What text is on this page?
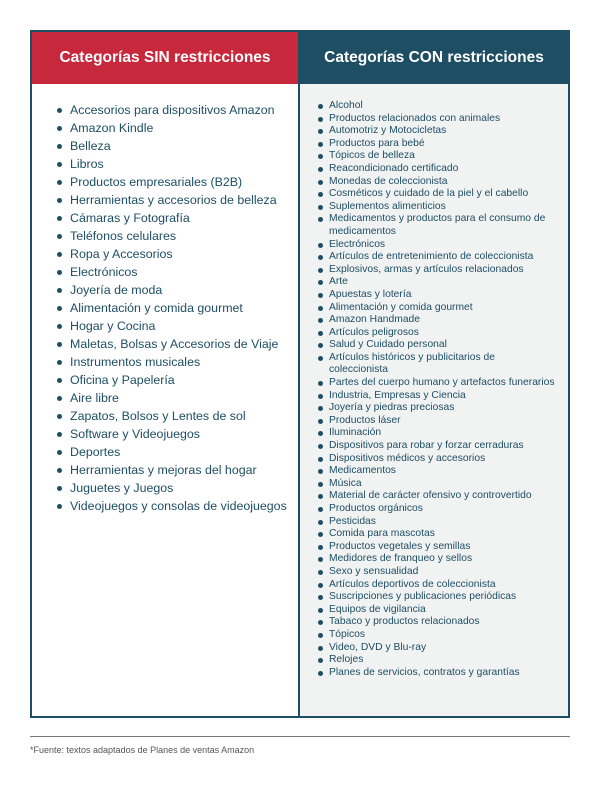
Categorías SIN restricciones
Accesorios para dispositivos Amazon
Amazon Kindle
Belleza
Libros
Productos empresariales (B2B)
Herramientas y accesorios de belleza
Cámaras y Fotografía
Teléfonos celulares
Ropa y Accesorios
Electrónicos
Joyería de moda
Alimentación y comida gourmet
Hogar y Cocina
Maletas, Bolsas y Accesorios de Viaje
Instrumentos musicales
Oficina y Papelería
Aire libre
Zapatos, Bolsos y Lentes de sol
Software y Videojuegos
Deportes
Herramientas y mejoras del hogar
Juguetes y Juegos
Videojuegos y consolas de videojuegos
Categorías CON restricciones
Alcohol
Productos relacionados con animales
Automotriz y Motocicletas
Productos para bebé
Tópicos de belleza
Reacondicionado certificado
Monedas de coleccionista
Cosméticos y cuidado de la piel y el cabello
Suplementos alimenticios
Medicamentos y productos para el consumo de medicamentos
Electrónicos
Artículos de entretenimiento de coleccionista
Explosivos, armas y artículos relacionados
Arte
Apuestas y lotería
Alimentación y comida gourmet
Amazon Handmade
Artículos peligrosos
Salud y Cuidado personal
Artículos históricos y publicitarios de coleccionista
Partes del cuerpo humano y artefactos funerarios
Industria, Empresas y Ciencia
Joyería y piedras preciosas
Productos láser
Iluminación
Dispositivos para robar y forzar cerraduras
Dispositivos médicos y accesorios
Medicamentos
Música
Material de carácter ofensivo y controvertido
Productos orgánicos
Pesticidas
Comida para mascotas
Productos vegetales y semillas
Medidores de franqueo y sellos
Sexo y sensualidad
Artículos deportivos de coleccionista
Suscripciones y publicaciones periódicas
Equipos de vigilancia
Tabaco y productos relacionados
Tópicos
Video, DVD y Blu-ray
Relojes
Planes de servicios, contratos y garantías
*Fuente: textos adaptados de Planes de ventas Amazon
